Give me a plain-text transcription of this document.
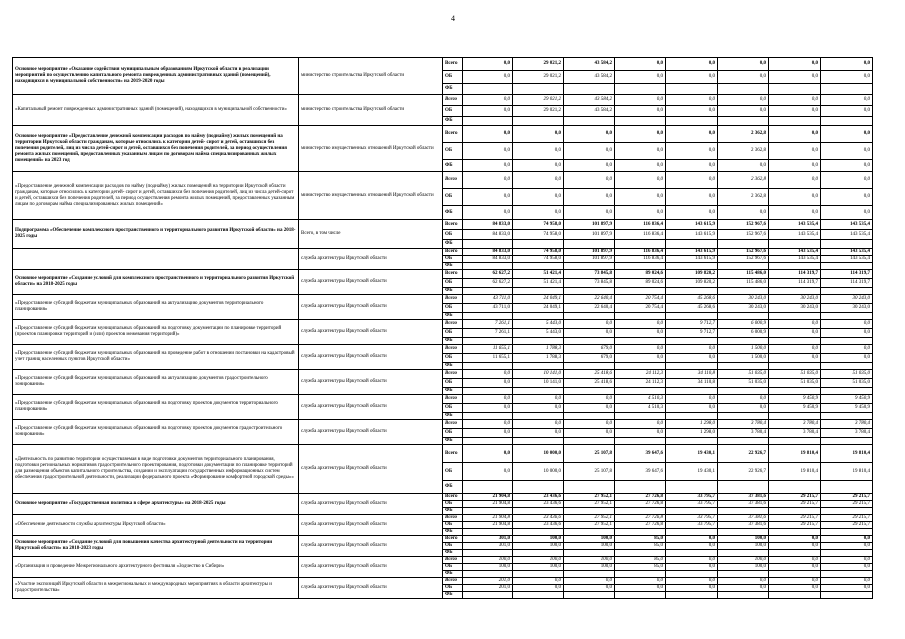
4
Основное мероприятие «Оказание содействия муниципальным образованиям Иркутской области в реализации мероприятий по осуществлению капитального ремонта поврежденных административных зданий (помещений), находящихся в муниципальной собственности» на 2019-2020 годы	министерство строительства Иркутской области	Всего	0,0	29 021,2	43 584,2	0,0	0,0	0,0	0,0	0,0
		ОБ	0,0	29 021,2	43 584,2	0,0	0,0	0,0	0,0	0,0
		ФБ								
«Капитальный ремонт поврежденных административных зданий (помещений), находящихся в муниципальной собственности»	министерство строительства Иркутской области	Всего	0,0	29 021,2	43 584,2	0,0	0,0	0,0	0,0	0,0
		ОБ	0,0	29 021,2	43 584,2	0,0	0,0	0,0	0,0	0,0
		ФБ								
Основное мероприятие «Предоставление денежной компенсации расходов по найму (поднайму) жилых помещений на территории Иркутской области гражданам, которые относились к категории детей- сирот и детей, оставшихся без попечения родителей, лиц из числа детей-сирот и детей, оставшихся без попечения родителей, за период осуществления ремонта жилых помещений, предоставленных указанным лицам по договорам найма специализированных жилых помещений» на 2023 год	министерство имущественных отношений Иркутской области	Всего	0,0	0,0	0,0	0,0	0,0	2 362,8	0,0	0,0
		ОБ	0,0	0,0	0,0	0,0	0,0	2 362,8	0,0	0,0
		ФБ	0,0	0,0	0,0	0,0	0,0	0,0	0,0	0,0
«Предоставление денежной компенсации расходов по найму (поднайму) жилых помещений на территории Иркутской области гражданам, которые относились к категории детей- сирот и детей, оставшихся без попечения родителей, лиц из числа детей-сирот и детей, оставшихся без попечения родителей, за период осуществления ремонта жилых помещений, предоставленных указанным лицам по договорам найма специализированных жилых помещений»	министерство имущественных отношений Иркутской области	Всего	0,0	0,0	0,0	0,0	0,0	2 362,8	0,0	0,0
		ОБ	0,0	0,0	0,0	0,0	0,0	2 362,8	0,0	0,0
		ФБ	0,0	0,0	0,0	0,0	0,0	0,0	0,0	0,0
Подпрограмма «Обеспечение комплексного пространственного и территориального развития Иркутской области» на 2018-2025 годы	Всего, в том числе	Всего	84 833,0	74 958,0	101 897,9	116 836,4	143 615,9	152 967,6	143 535,4	143 535,4
		ОБ	84 833,0	74 958,0	101 897,9	116 836,4	143 615,9	152 967,6	143 535,4	143 535,4
		ФБ								
	служба архитектуры Иркутской области	Всего	84 833,0	74 958,0	101 897,9	116 836,4	143 615,9	152 967,6	143 535,4	143 535,4
		ОБ	84 833,0	74 958,0	101 897,9	116 836,4	143 615,9	152 967,6	143 535,4	143 535,4
		ФБ								
Основное мероприятие «Создание условий для комплексного пространственного и территориального развития Иркутской области» на 2018-2025 годы	служба архитектуры Иркутской области	Всего	62 627,2	51 421,4	73 845,8	89 024,6	109 820,2	115 486,0	114 319,7	114 319,7
		ОБ	62 627,2	51 421,4	73 845,8	89 024,6	109 820,2	115 486,0	114 319,7	114 319,7
		ФБ								
«Предоставление субсидий бюджетам муниципальных образований на актуализацию документов территориального планирования»	служба архитектуры Иркутской области	Всего	43 711,0	24 049,1	22 640,4	20 754,4	45 268,6	30 243,0	30 243,0	30 243,0
		ОБ	43 711,0	24 049,1	22 640,4	20 754,4	45 268,6	30 243,0	30 243,0	30 243,0
		ФБ								
«Предоставление субсидий бюджетам муниципальных образований на подготовку документации по планировке территорий (проектов планировки территорий и (или) проектов межевания территорий)»	служба архитектуры Иркутской области	Всего	7 261,1	5 443,0	0,0	0,0	9 712,7	6 000,9	0,0	0,0
		ОБ	7 261,1	5 443,0	0,0	0,0	9 712,7	6 000,9	0,0	0,0
		ФБ								
«Предоставление субсидий бюджетам муниципальных образований на проведение работ в отношении постановки на кадастровый учет границ населенных пунктов Иркутской области»	служба архитектуры Иркутской области	Всего	11 655,1	1 788,3	679,0	0,0	0,0	1 500,0	0,0	0,0
		ОБ	11 655,1	1 788,3	679,0	0,0	0,0	1 500,0	0,0	0,0
		ФБ								
«Предоставление субсидий бюджетам муниципальных образований на актуализацию документов градостроительного зонирования»	служба архитектуры Иркутской области	Всего	0,0	10 141,0	25 418,6	24 112,3	34 110,8	51 035,0	51 035,0	51 035,0
		ОБ	0,0	10 141,0	25 418,6	24 112,3	34 110,8	51 035,0	51 035,0	51 035,0
		ФБ								
«Предоставление субсидий бюджетам муниципальных образований на подготовку проектов документов территориального планирования»	служба архитектуры Иркутской области	Всего	0,0	0,0	0,0	4 510,3	0,0	0,0	9 450,9	9 450,9
		ОБ	0,0	0,0	0,0	4 510,3	0,0	0,0	9 450,9	9 450,9
		ФБ								
«Предоставление субсидий бюджетам муниципальных образований на подготовку проектов документов градостроительного зонирования»	служба архитектуры Иркутской области	Всего	0,0	0,0	0,0	0,0	1 298,0	3 780,4	3 780,4	3 780,4
		ОБ	0,0	0,0	0,0	0,0	1 298,0	3 780,4	3 780,4	3 780,4
		ФБ								
«Деятельность по развитию территории осуществляемая в виде подготовки документов территориального планирования, подготовки региональных нормативов градостроительного проектирования, подготовки документации по планировке территорий для размещения объектов капитального строительства, создании и эксплуатации государственных информационных систем обеспечения градостроительной деятельности, реализации федерального проекта «Формирование комфортной городской среды»»	служба архитектуры Иркутской области	Всего	0,0	10 000,0	25 107,8	39 647,6	19 430,1	22 926,7	19 810,4	19 810,4
		ОБ	0,0	10 000,0	25 107,8	39 647,6	19 430,1	22 926,7	19 810,4	19 810,4
		ФБ								
Основное мероприятие «Государственная политика в сфере архитектуры» на 2018-2025 годы	служба архитектуры Иркутской области	Всего	21 904,8	23 436,6	27 952,1	27 726,8	33 795,7	37 381,6	29 215,7	29 215,7
		ОБ	21 904,8	23 436,6	27 952,1	27 726,8	33 795,7	37 381,6	29 215,7	29 215,7
		ФБ								
«Обеспечение деятельности службы архитектуры Иркутской области»	служба архитектуры Иркутской области	Всего	21 904,8	23 436,6	27 952,1	27 726,8	33 795,7	37 381,6	29 215,7	29 215,7
		ОБ	21 904,8	23 436,6	27 952,1	27 726,8	33 795,7	37 381,6	29 215,7	29 215,7
		ФБ								
Основное мероприятие «Создание условий для повышения качества архитектурной деятельности на территории Иркутской области» на 2018-2023 годы	служба архитектуры Иркутской области	Всего	301,0	100,0	100,0	85,0	0,0	100,0	0,0	0,0
		ОБ	301,0	100,0	100,0	85,0	0,0	100,0	0,0	0,0
		ФБ								
«Организация и проведение Межрегионального архитектурного фестиваля «Зодчество в Сибири»	служба архитектуры Иркутской области	Всего	100,0	100,0	100,0	85,0	0,0	100,0	0,0	0,0
		ОБ	100,0	100,0	100,0	85,0	0,0	100,0	0,0	0,0
		ФБ								
«Участие экспозиций Иркутской области в межрегиональных и международных мероприятиях в области архитектуры и градостроительства»	служба архитектуры Иркутской области	Всего	201,0	0,0	0,0	0,0	0,0	0,0	0,0	0,0
		ОБ	201,0	0,0	0,0	0,0	0,0	0,0	0,0	0,0
		ФБ								
